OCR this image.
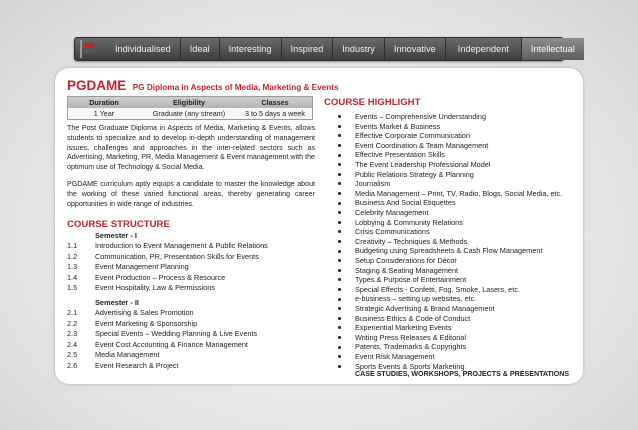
Individualised	Ideal	Interesting	Inspired	Industry	Innovative	Independent	Intellectual
PGDAME PG Diploma in Aspects of Media, Marketing & Events
Duration	Eligibility	Classes
1 Year	Graduate (any stream)	3 to 5 days a week
The Post Graduate Diploma in Aspects of Media, Marketing & Events, allows students to specialize and to develop in-depth understanding of management issues, challenges and approaches in the inter-related sectors such as Advertising, Marketing, PR, Media Management & Event management with the optimum use of Technology & Social Media.
PGDAME curriculum aptly equips a candidate to master the knowledge about the working of these varied functional areas, thereby generating career opportunities in wide range of industries.
COURSE STRUCTURE
Semester - I
1.1 Introduction to Event Management & Public Relations
1.2 Communication, PR, Presentation Skills for Events
1.3 Event Management Planning
1.4 Event Production – Process & Resource
1.5 Event Hospitality, Law & Permissions
Semester - II
2.1 Advertising & Sales Promotion
2.2 Event Marketing & Sponsorship
2.3 Special Events – Wedding Planning & Live Events
2.4 Event Cost Accounting & Finance Management
2.5 Media Management
2.6 Event Research & Project
COURSE HIGHLIGHT
Events – Comprehensive Understanding
Events Market & Business
Effective Corporate Communication
Event Coordination & Team Management
Effective Presentation Skills
The Event Leadership Professional Model
Public Relations Strategy & Planning
Journalism
Media Management – Print, TV, Radio, Blogs, Social Media, etc.
Business And Social Etiquettes
Celebrity Management
Lobbying & Community Relations
Crisis Communications
Creativity – Techniques & Methods
Budgeting using Spreadsheets & Cash Flow Management
Setup Considerations for Décor
Staging & Seating Management
Types & Purpose of Entertainment
Special Effects - Confetti, Fog, Smoke, Lasers, etc.
e-business – setting up websites, etc.
Strategic Advertising & Brand Management
Business Ethics & Code of Conduct
Experiential Marketing Events
Writing Press Releases & Editorial
Patents, Trademarks & Copyrights
Event Risk Management
Sports Events & Sports Marketing
CASE STUDIES, WORKSHOPS, PROJECTS & PRESENTATIONS
